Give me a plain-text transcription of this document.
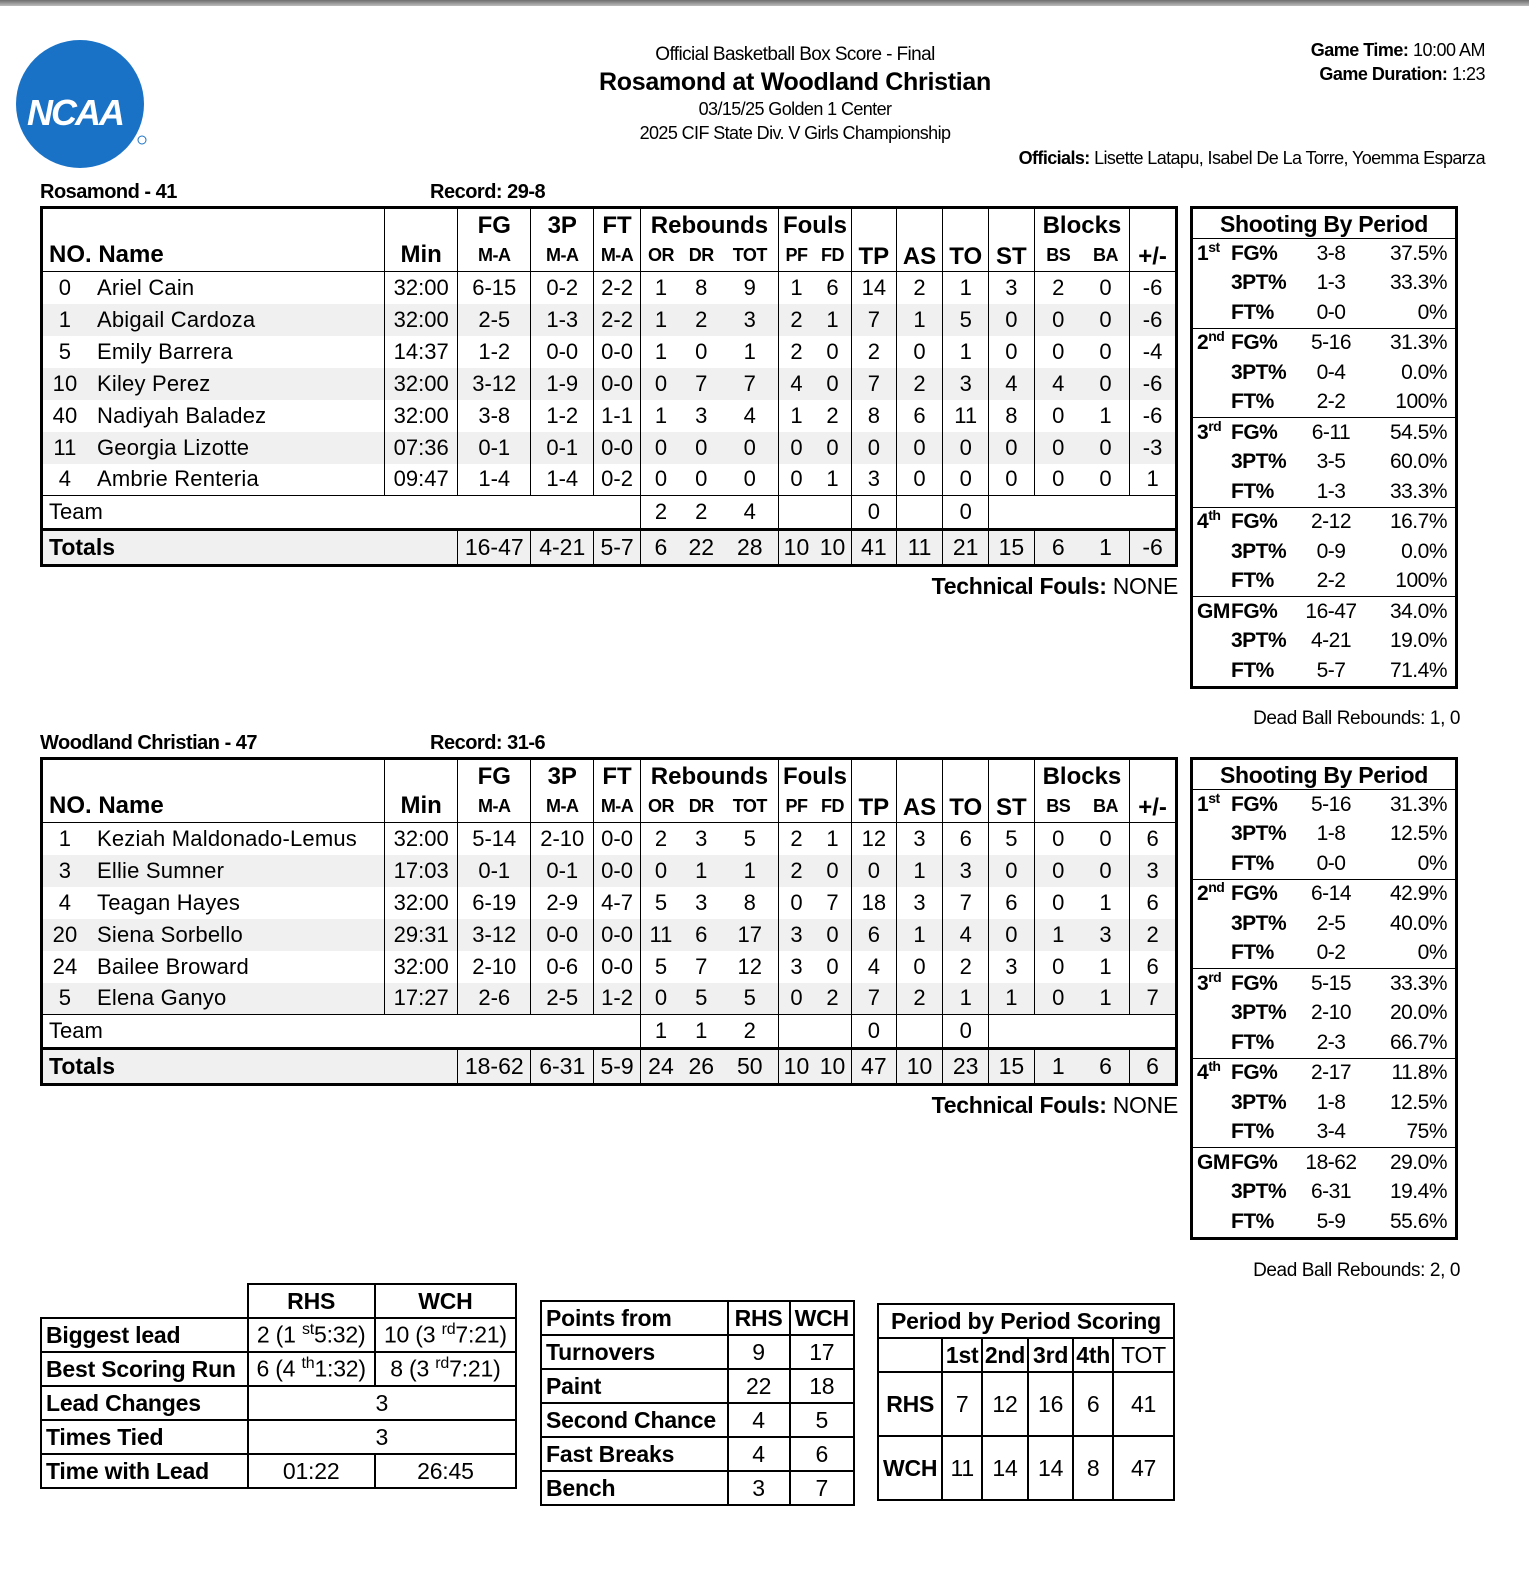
NCAA
Official Basketball Box Score - Final
Rosamond at Woodland Christian
03/15/25 Golden 1 Center
2025 CIF State Div. V Girls Championship
Game Time: 10:00 AM
Game Duration: 1:23
Officials: Lisette Latapu, Isabel De La Torre, Yoemma Esparza
Rosamond - 41	Record: 29-8
NO. Name	Min	FG	3P	FT	Rebounds			Fouls		TP	AS	TO	ST	Blocks		+/-
		M-A	M-A	M-A	OR	DR	TOT	PF	FD					BS	BA	
0 Ariel Cain	32:00	6-15	0-2	2-2	1	8	9	1	6	14	2	1	3	2	0	-6
1 Abigail Cardoza	32:00	2-5	1-3	2-2	1	2	3	2	1	7	1	5	0	0	0	-6
5 Emily Barrera	14:37	1-2	0-0	0-0	1	0	1	2	0	2	0	1	0	0	0	-4
10 Kiley Perez	32:00	3-12	1-9	0-0	0	7	7	4	0	7	2	3	4	4	0	-6
40 Nadiyah Baladez	32:00	3-8	1-2	1-1	1	3	4	1	2	8	6	11	8	0	1	-6
11 Georgia Lizotte	07:36	0-1	0-1	0-0	0	0	0	0	0	0	0	0	0	0	0	-3
4 Ambrie Renteria	09:47	1-4	1-4	0-2	0	0	0	0	1	3	0	0	0	0	0	1
Team					2	2	4			0		0				
Totals		16-47	4-21	5-7	6	22	28	10	10	41	11	21	15	6	1	-6
Technical Fouls: NONE
Shooting By Period
1st FG%	3-8	37.5%
3PT%	1-3	33.3%
FT%	0-0	0%
2nd FG%	5-16	31.3%
3PT%	0-4	0.0%
FT%	2-2	100%
3rd FG%	6-11	54.5%
3PT%	3-5	60.0%
FT%	1-3	33.3%
4th FG%	2-12	16.7%
3PT%	0-9	0.0%
FT%	2-2	100%
GM FG%	16-47	34.0%
3PT%	4-21	19.0%
FT%	5-7	71.4%
Dead Ball Rebounds: 1, 0
Woodland Christian - 47	Record: 31-6
NO. Name	Min	FG	3P	FT	Rebounds			Fouls		TP	AS	TO	ST	Blocks		+/-
		M-A	M-A	M-A	OR	DR	TOT	PF	FD					BS	BA	
1 Keziah Maldonado-Lemus	32:00	5-14	2-10	0-0	2	3	5	2	1	12	3	6	5	0	0	6
3 Ellie Sumner	17:03	0-1	0-1	0-0	0	1	1	2	0	0	1	3	0	0	0	3
4 Teagan Hayes	32:00	6-19	2-9	4-7	5	3	8	0	7	18	3	7	6	0	1	6
20 Siena Sorbello	29:31	3-12	0-0	0-0	11	6	17	3	0	6	1	4	0	1	3	2
24 Bailee Broward	32:00	2-10	0-6	0-0	5	7	12	3	0	4	0	2	3	0	1	6
5 Elena Ganyo	17:27	2-6	2-5	1-2	0	5	5	0	2	7	2	1	1	0	1	7
Team					1	1	2			0		0				
Totals		18-62	6-31	5-9	24	26	50	10	10	47	10	23	15	1	6	6
Technical Fouls: NONE
Shooting By Period
1st FG%	5-16	31.3%
3PT%	1-8	12.5%
FT%	0-0	0%
2nd FG%	6-14	42.9%
3PT%	2-5	40.0%
FT%	0-2	0%
3rd FG%	5-15	33.3%
3PT%	2-10	20.0%
FT%	2-3	66.7%
4th FG%	2-17	11.8%
3PT%	1-8	12.5%
FT%	3-4	75%
GM FG%	18-62	29.0%
3PT%	6-31	19.4%
FT%	5-9	55.6%
Dead Ball Rebounds: 2, 0
	RHS	WCH
Biggest lead	2 (1 $^{st}$5:32)	10 (3 $^{rd}$7:21)
Best Scoring Run	6 (4 $^{th}$1:32)	8 (3 $^{rd}$7:21)
Lead Changes	3	
Times Tied	3	
Time with Lead	01:22	26:45
Points from	RHS	WCH
Turnovers	9	17
Paint	22	18
Second Chance	4	5
Fast Breaks	4	6
Bench	3	7
Period by Period Scoring					
	1st	2nd	3rd	4th	TOT
RHS	7	12	16	6	41
WCH	11	14	14	8	47
